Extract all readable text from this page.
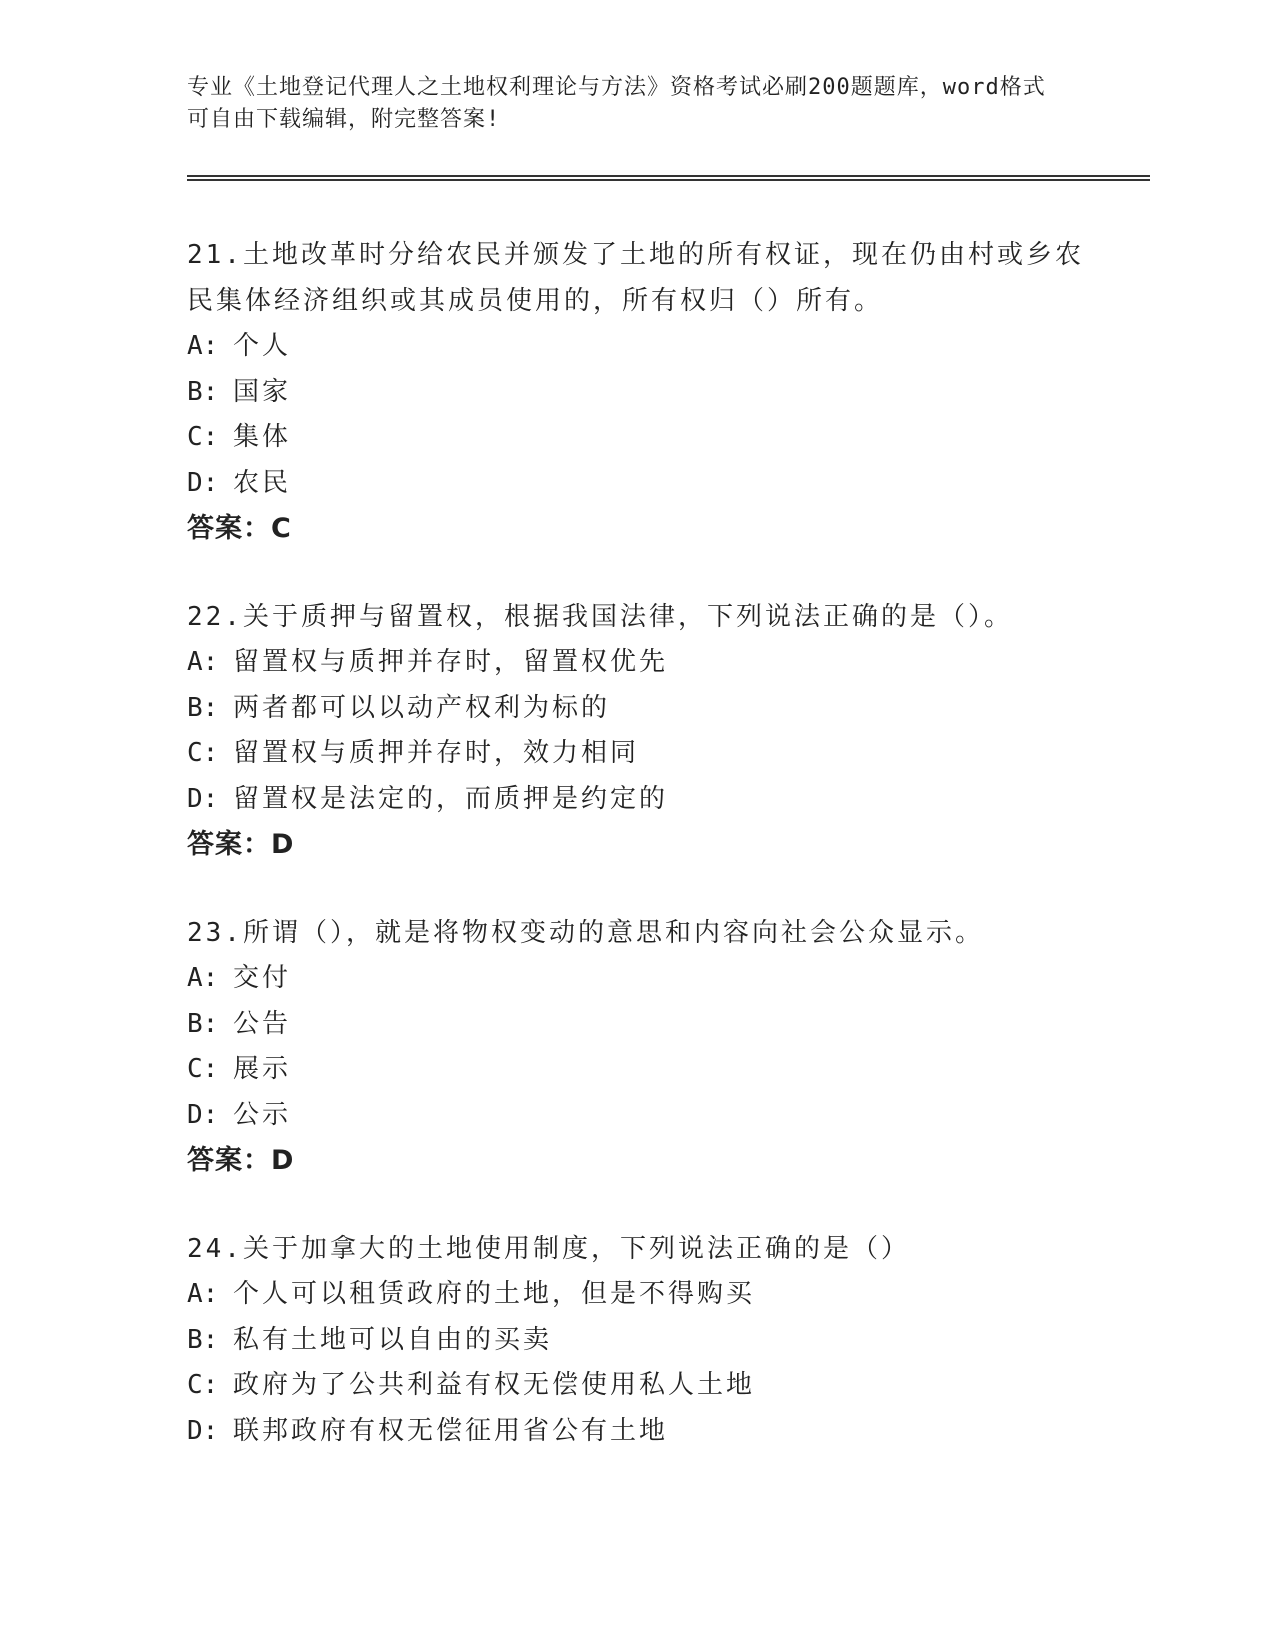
专业《土地登记代理人之土地权利理论与方法》资格考试必刷200题题库，word格式可自由下载编辑，附完整答案!
21.土地改革时分给农民并颁发了土地的所有权证，现在仍由村或乡农民集体经济组织或其成员使用的，所有权归（）所有。
A: 个人
B: 国家
C: 集体
D: 农民
答案：C
22.关于质押与留置权，根据我国法律，下列说法正确的是（）。
A: 留置权与质押并存时，留置权优先
B: 两者都可以以动产权利为标的
C: 留置权与质押并存时，效力相同
D: 留置权是法定的，而质押是约定的
答案：D
23.所谓（），就是将物权变动的意思和内容向社会公众显示。
A: 交付
B: 公告
C: 展示
D: 公示
答案：D
24.关于加拿大的土地使用制度，下列说法正确的是（）
A: 个人可以租赁政府的土地，但是不得购买
B: 私有土地可以自由的买卖
C: 政府为了公共利益有权无偿使用私人土地
D: 联邦政府有权无偿征用省公有土地
